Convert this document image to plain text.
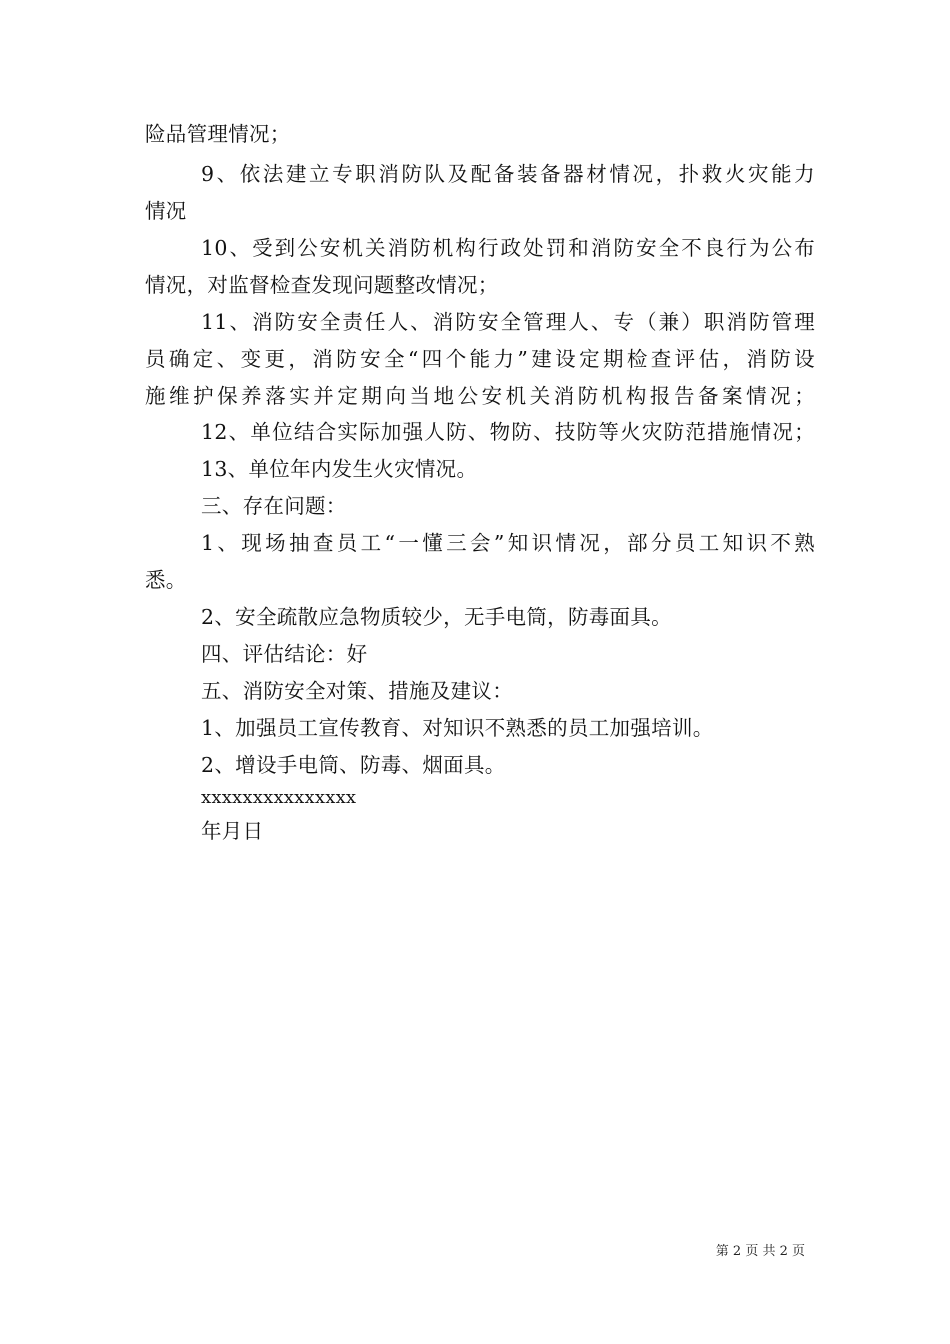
险品管理情况；
9、依法建立专职消防队及配备装备器材情况，扑救火灾能力
情况
10、受到公安机关消防机构行政处罚和消防安全不良行为公布
情况，对监督检查发现问题整改情况；
11、消防安全责任人、消防安全管理人、专（兼）职消防管理
员确定、变更，消防安全“四个能力”建设定期检查评估，消防设
施维护保养落实并定期向当地公安机关消防机构报告备案情况；
12、单位结合实际加强人防、物防、技防等火灾防范措施情况；
13、单位年内发生火灾情况。
三、存在问题：
1、现场抽查员工“一懂三会”知识情况，部分员工知识不熟
悉。
2、安全疏散应急物质较少，无手电筒，防毒面具。
四、评估结论：好
五、消防安全对策、措施及建议：
1、加强员工宣传教育、对知识不熟悉的员工加强培训。
2、增设手电筒、防毒、烟面具。
xxxxxxxxxxxxxxx
年月日
第 2 页 共 2 页
